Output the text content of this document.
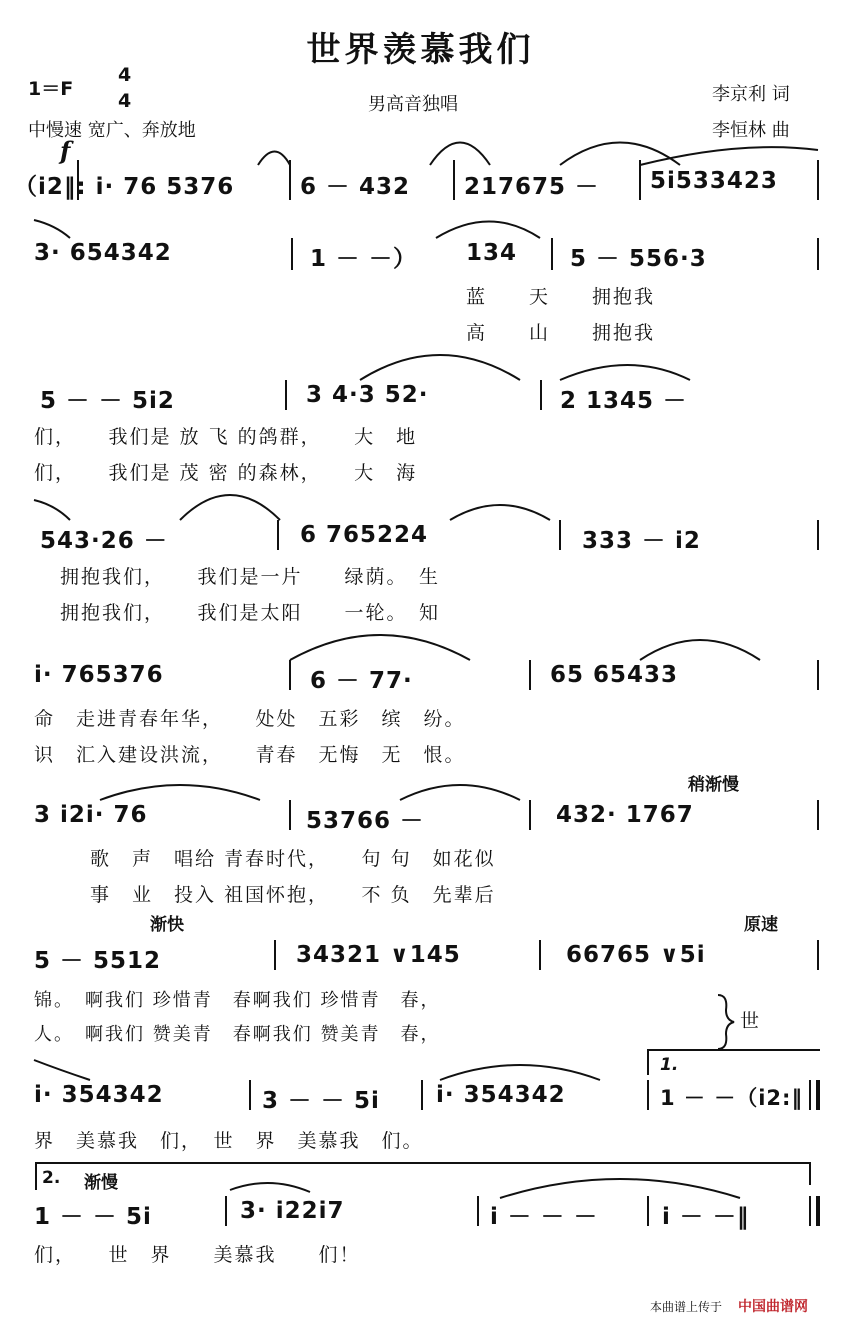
世界羡慕我们
1＝F
4
4	男高音独唱
中慢速 宽广、奔放地
李京利 词
李恒林 曲
f
稍渐慢
渐快	原速
1.
2. 渐慢
（i2‖: i· 76 5376	6 － 432 217675 － 5i533423
3· 654342	1 － －） 134 5 － 556·3
蓝　　天　　拥抱我
高　　山　　拥抱我
5 － － 5i2	3 4·3 52·	2 1345 －
们，　　我们是 放 飞 的鸽群，　　大　地
们，　　我们是 茂 密 的森林，　　大　海
543·26 －	6 765224	333 － i2
拥抱我们，　　我们是一片　　绿荫。　生
拥抱我们，　　我们是太阳　　一轮。　知
i· 765376	6 － 77·	65 65433
命　走进青春年华，　　处处　五彩　缤　纷。
识　汇入建设洪流，　　青春　无悔　无　恨。
3 i2i· 76	53766 －	432· 1767
歌　声　唱给 青春时代，　　句 句　如花似
事　业　投入 祖国怀抱，　　不 负　先辈后
5 － 5512	34321 ∨145	66765 ∨5i
锦。　啊我们 珍惜青　春啊我们 珍惜青　春，
人。　啊我们 赞美青　春啊我们 赞美青　春，
世
i· 354342	3 － － 5i i· 354342	1 － －（i2:‖
界　美慕我　们，　世　界　美慕我　们。
1 － － 5i	3· i22i7	i － － －	i － －‖
们，　　世　界　　美慕我　　们！
本曲谱上传于 中国曲谱网
